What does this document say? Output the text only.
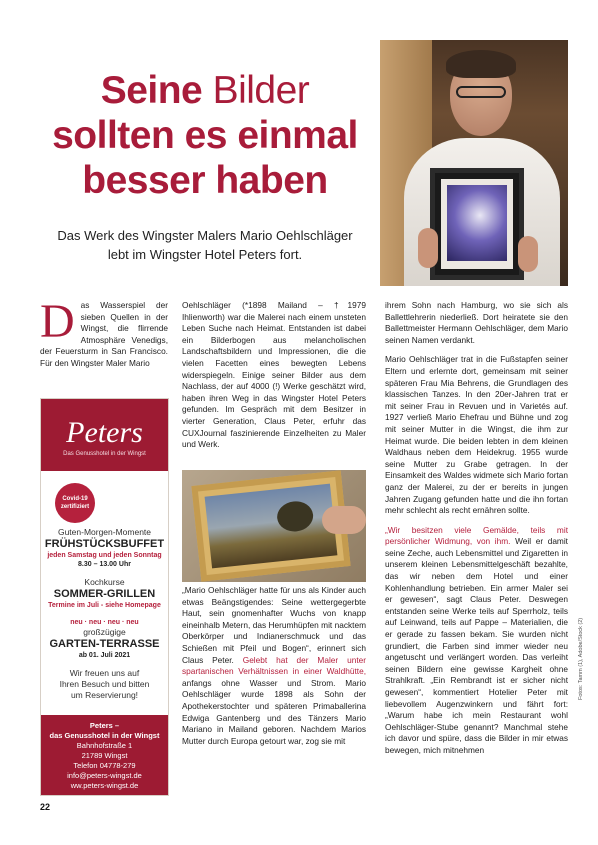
Seine Bilder
sollten es einmal
besser haben
Das Werk des Wingster Malers Mario Oehlschläger
lebt im Wingster Hotel Peters fort.
D as Wasserspiel der sieben Quellen in der Wingst, die flirrende Atmosphäre Venedigs, der Feuersturm in San Francisco. Für den Wingster Maler Mario
Peters
Das Genusshotel in der Wingst
Covid-19
zertifiziert

Guten-Morgen-Momente

FRÜHSTÜCKSBUFFET

jeden Samstag und jeden Sonntag

8.30 – 13.00 Uhr

Kochkurse

SOMMER-GRILLEN

Termine im Juli - siehe Homepage

neu · neu · neu · neu

großzügige

GARTEN-TERRASSE

ab 01. Juli 2021

Wir freuen uns auf

Ihren Besuch und bitten

um Reservierung!

Peters –

das Genusshotel in der Wingst

Bahnhofstraße 1

21789 Wingst

Telefon 04778-279

info@peters-wingst.de

ww.peters-wingst.de

Oehlschläger (*1898 Mailand – †1979 Ihlienworth) war die Malerei nach einem unsteten Leben Suche nach Heimat. Entstanden ist dabei ein Bilderbogen aus melancholischen Landschaftsbildern und Impressionen, die die vielen Facetten eines bewegten Lebens widerspiegeln. Einige seiner Bilder aus dem Nachlass, der auf 4000 (!) Werke geschätzt wird, haben ihren Weg in das Wingster Hotel Peters gefunden. Im Gespräch mit dem Besitzer in vierter Generation, Claus Peter, erfuhr das CUXJournal faszinierende Einzelheiten zu Maler und Werk.

„Mario Oehlschläger hatte für uns als Kinder auch etwas Beängstigendes: Seine wettergegerbte Haut, sein gnomenhafter Wuchs von knapp eineinhalb Metern, das Herumhüpfen mit nacktem Oberkörper und Indianerschmuck und das Schießen mit Pfeil und Bogen“, erinnert sich Claus Peter. Gelebt hat der Maler unter spartanischen Verhältnissen in einer Waldhütte, anfangs ohne Wasser und Strom. Mario Oehlschläger wurde 1898 als Sohn der Apothekerstochter und späteren Primaballerina Edwiga Gantenberg und des Tänzers Mario Mariano in Mailand geboren. Nachdem Marios Mutter durch Europa getourt war, zog sie mit

ihrem Sohn nach Hamburg, wo sie sich als Ballettlehrerin niederließ. Dort heiratete sie den Ballettmeister Hermann Oehlschläger, dem Mario seinen Namen verdankt.

Mario Oehlschläger trat in die Fußstapfen seiner Eltern und erlernte dort, gemeinsam mit seiner späteren Frau Mia Behrens, die Grundlagen des klassischen Tanzes. In den 20er-Jahren trat er mit seiner Frau in Revuen und in Varietés auf. 1927 verließ Mario Ehefrau und Bühne und zog mit seiner Mutter in die Wingst, die ihm zur Heimat wurde. Die beiden lebten in dem kleinen Waldhaus neben dem Heidekrug. 1955 wurde seine Mutter zu Grabe getragen. In der Einsamkeit des Waldes widmete sich Mario fortan ganz der Malerei, zu der er bereits in jungen Jahren Zugang gefunden hatte und die ihn fortan mehr schlecht als recht ernähren sollte.

„Wir besitzen viele Gemälde, teils mit persönlicher Widmung, von ihm. Weil er damit seine Zeche, auch Lebensmittel und Zigaretten in unserem kleinen Lebensmittelgeschäft bezahlte, das wir neben dem Hotel und einer Kohlenhandlung betrieben. Ein armer Maler sei er gewesen“, sagt Claus Peter. Deswegen entstanden seine Werke teils auf Sperrholz, teils auf Leinwand, teils auf Pappe – Materialien, die er gerade zu fassen bekam. Sie wurden nicht grundiert, die Farben sind immer wieder neu angetuscht und verlängert worden. Das verleiht seinen Bildern eine gewisse Kargheit ohne Strahlkraft. „Ein Rembrandt ist er sicher nicht gewesen“, kommentiert Hotelier Peter mit liebevollem Augenzwinkern und fährt fort: „Warum habe ich mein Restaurant wohl Oehlschläger-Stube genannt? Manchmal stehe ich davor und spüre, dass die Bilder in mir etwas bewegen, mich mitnehmen

22
Fotos: Tamm (1), Adobe/Stock (2)
